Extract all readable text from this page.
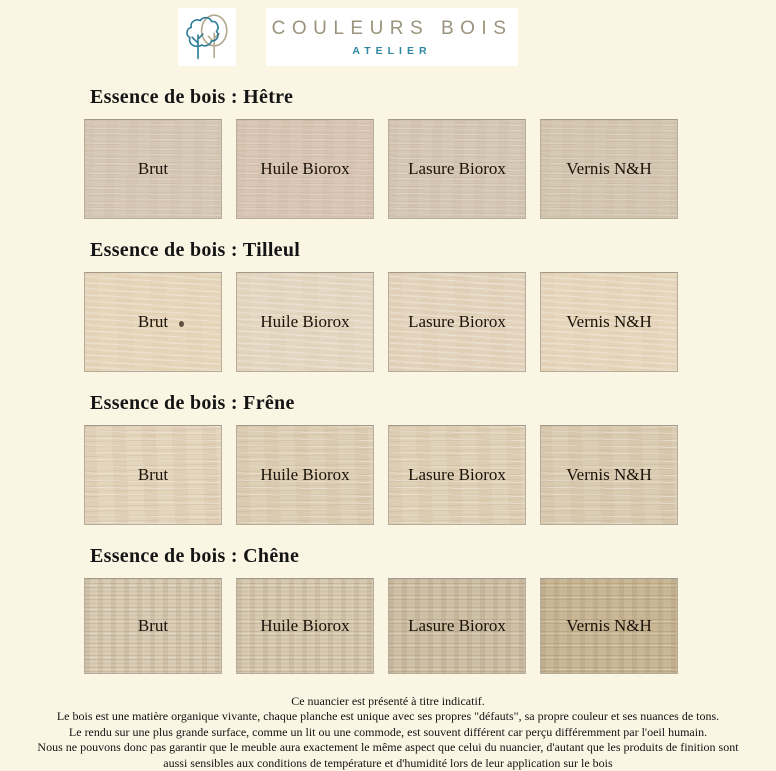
COULEURS BOIS
ATELIER
Essence de bois : Hêtre
Brut	Huile Biorox	Lasure Biorox	Vernis N&H
Essence de bois : Tilleul
Brut	Huile Biorox	Lasure Biorox	Vernis N&H
Essence de bois : Frêne
Brut	Huile Biorox	Lasure Biorox	Vernis N&H
Essence de bois : Chêne
Brut	Huile Biorox	Lasure Biorox	Vernis N&H
Ce nuancier est présenté à titre indicatif.
Le bois est une matière organique vivante, chaque planche est unique avec ses propres "défauts", sa propre couleur et ses nuances de tons.
Le rendu sur une plus grande surface, comme un lit ou une commode, est souvent différent car perçu différemment par l'oeil humain.
Nous ne pouvons donc pas garantir que le meuble aura exactement le même aspect que celui du nuancier, d'autant que les produits de finition sont
aussi sensibles aux conditions de température et d'humidité lors de leur application sur le bois
